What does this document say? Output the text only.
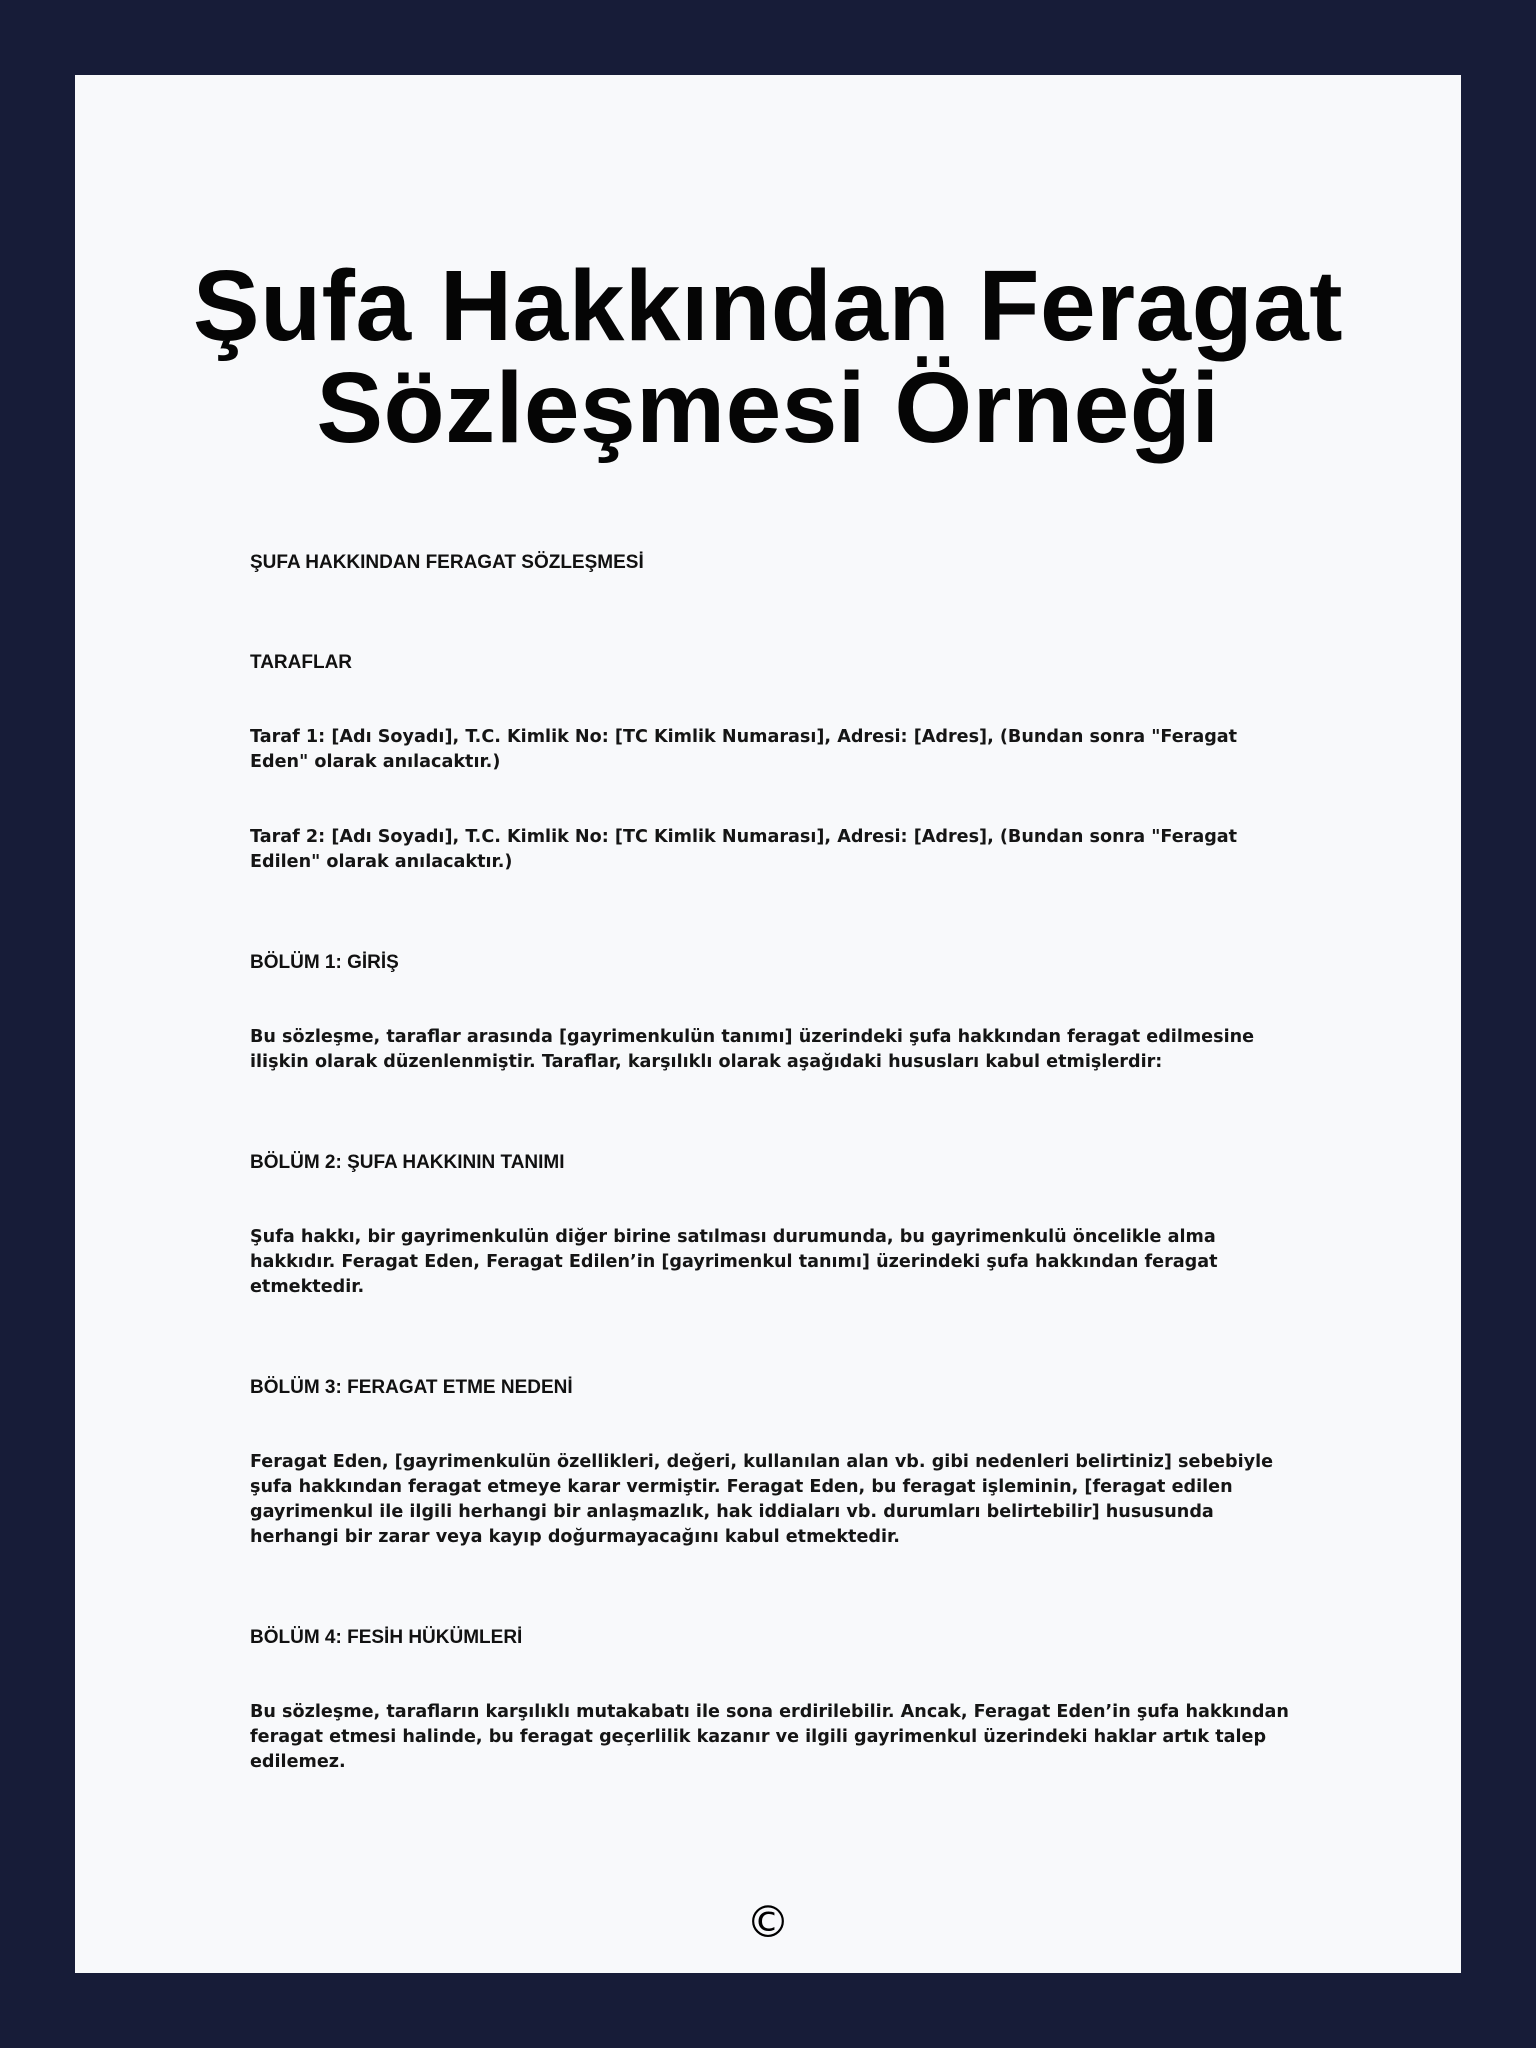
Şufa Hakkından Feragat
Sözleşmesi Örneği

ŞUFA HAKKINDAN FERAGAT SÖZLEŞMESİ

TARAFLAR

Taraf 1: [Adı Soyadı], T.C. Kimlik No: [TC Kimlik Numarası], Adresi: [Adres], (Bundan sonra "Feragat Eden" olarak anılacaktır.)

Taraf 2: [Adı Soyadı], T.C. Kimlik No: [TC Kimlik Numarası], Adresi: [Adres], (Bundan sonra "Feragat Edilen" olarak anılacaktır.)

BÖLÜM 1: GİRİŞ

Bu sözleşme, taraflar arasında [gayrimenkulün tanımı] üzerindeki şufa hakkından feragat edilmesine ilişkin olarak düzenlenmiştir. Taraflar, karşılıklı olarak aşağıdaki hususları kabul etmişlerdir:

BÖLÜM 2: ŞUFA HAKKININ TANIMI

Şufa hakkı, bir gayrimenkulün diğer birine satılması durumunda, bu gayrimenkulü öncelikle alma hakkıdır. Feragat Eden, Feragat Edilen’in [gayrimenkul tanımı] üzerindeki şufa hakkından feragat etmektedir.

BÖLÜM 3: FERAGAT ETME NEDENİ

Feragat Eden, [gayrimenkulün özellikleri, değeri, kullanılan alan vb. gibi nedenleri belirtiniz] sebebiyle şufa hakkından feragat etmeye karar vermiştir. Feragat Eden, bu feragat işleminin, [feragat edilen gayrimenkul ile ilgili herhangi bir anlaşmazlık, hak iddiaları vb. durumları belirtebilir] hususunda herhangi bir zarar veya kayıp doğurmayacağını kabul etmektedir.

BÖLÜM 4: FESİH HÜKÜMLERİ

Bu sözleşme, tarafların karşılıklı mutakabatı ile sona erdirilebilir. Ancak, Feragat Eden’in şufa hakkından feragat etmesi halinde, bu feragat geçerlilik kazanır ve ilgili gayrimenkul üzerindeki haklar artık talep edilemez.

©
